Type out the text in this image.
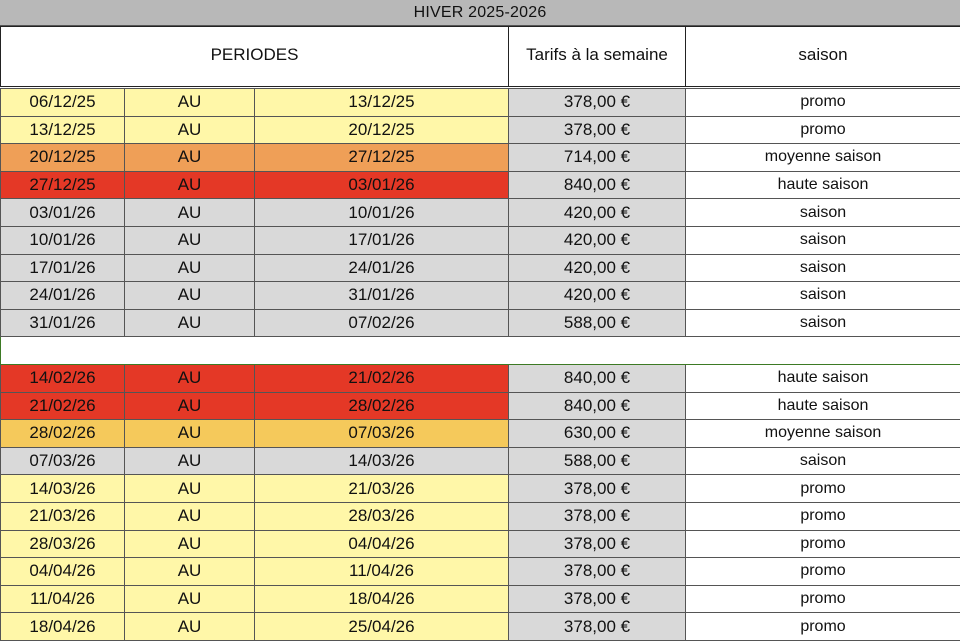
HIVER 2025-2026
PERIODES	Tarifs à la semaine	saison
06/12/25	AU	13/12/25	378,00 €	promo
13/12/25	AU	20/12/25	378,00 €	promo
20/12/25	AU	27/12/25	714,00 €	moyenne saison
27/12/25	AU	03/01/26	840,00 €	haute saison
03/01/26	AU	10/01/26	420,00 €	saison
10/01/26	AU	17/01/26	420,00 €	saison
17/01/26	AU	24/01/26	420,00 €	saison
24/01/26	AU	31/01/26	420,00 €	saison
31/01/26	AU	07/02/26	588,00 €	saison

14/02/26	AU	21/02/26	840,00 €	haute saison
21/02/26	AU	28/02/26	840,00 €	haute saison
28/02/26	AU	07/03/26	630,00 €	moyenne saison
07/03/26	AU	14/03/26	588,00 €	saison
14/03/26	AU	21/03/26	378,00 €	promo
21/03/26	AU	28/03/26	378,00 €	promo
28/03/26	AU	04/04/26	378,00 €	promo
04/04/26	AU	11/04/26	378,00 €	promo
11/04/26	AU	18/04/26	378,00 €	promo
18/04/26	AU	25/04/26	378,00 €	promo
